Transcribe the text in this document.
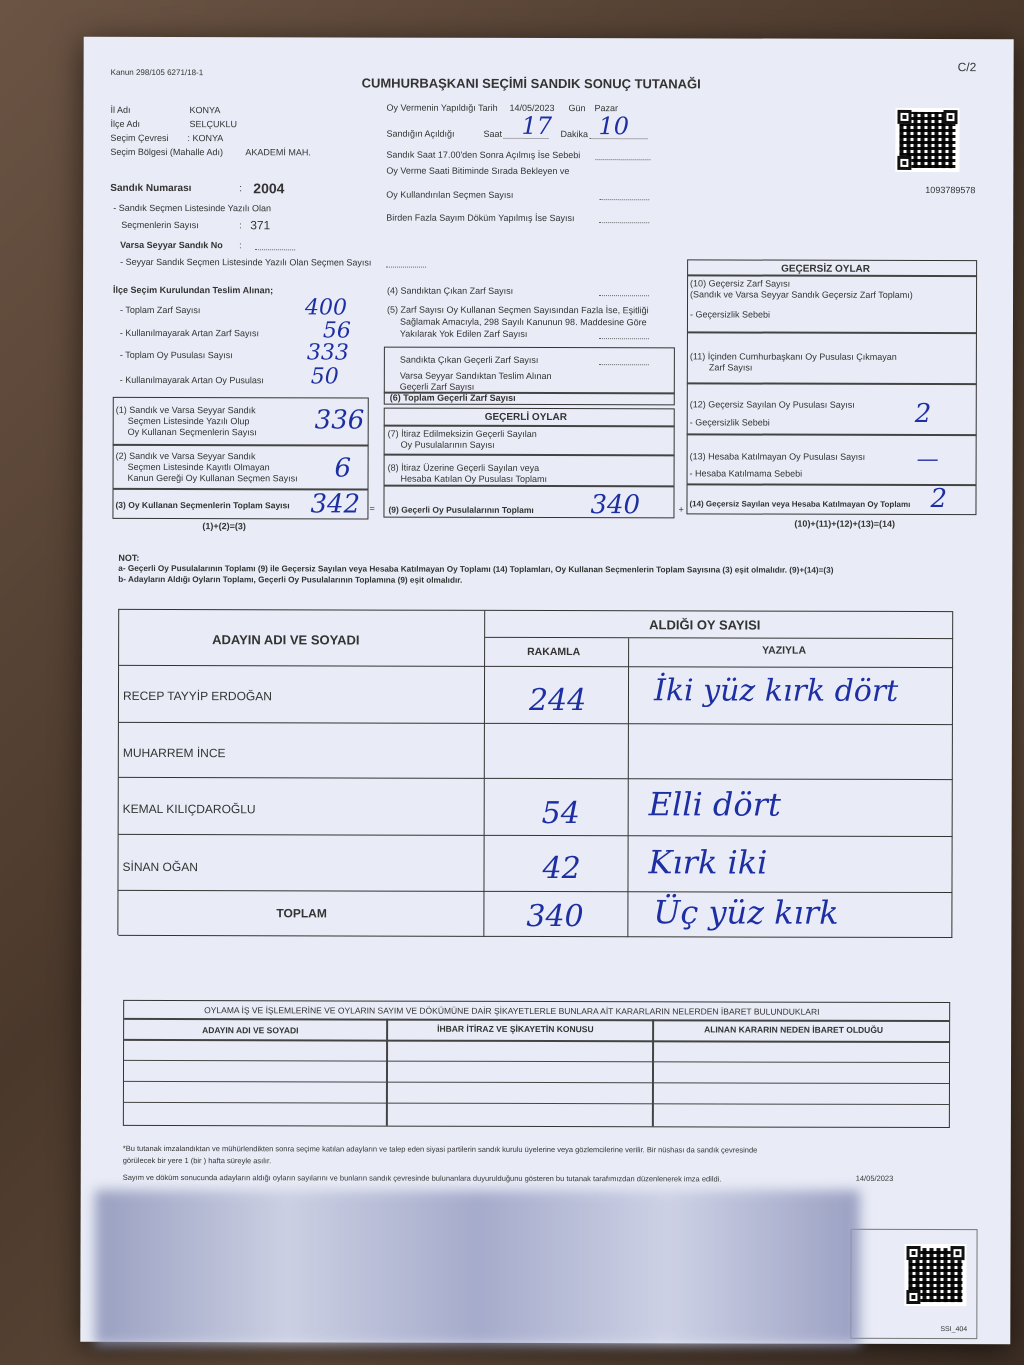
Kanun 298/105 6271/18-1
CUMHURBAŞKANI SEÇİMİ SANDIK SONUÇ TUTANAĞI
C/2
1093789578
İl Adı	KONYA
İlçe Adı	SELÇUKLU
Seçim Çevresi : KONYA
Seçim Bölgesi (Mahalle Adı) AKADEMİ MAH.
Oy Vermenin Yapıldığı Tarih 14/05/2023 Gün Pazar
Sandığın Açıldığı	Saat 17 Dakika 10
Sandık Saat 17.00'den Sonra Açılmış İse Sebebi
Oy Verme Saati Bitiminde Sırada Bekleyen ve
Oy Kullandırılan Seçmen Sayısı
Birden Fazla Sayım Döküm Yapılmış İse Sayısı
Sandık Numarası	: 2004
- Sandık Seçmen Listesinde Yazılı Olan
Seçmenlerin Sayısı	: 371
Varsa Seyyar Sandık No :
- Seyyar Sandık Seçmen Listesinde Yazılı Olan Seçmen Sayısı
İlçe Seçim Kurulundan Teslim Alınan;
- Toplam Zarf Sayısı	400
- Kullanılmayarak Artan Zarf Sayısı	56
- Toplam Oy Pusulası Sayısı	333
- Kullanılmayarak Artan Oy Pusulası 50
(1) Sandık ve Varsa Seyyar Sandık
Seçmen Listesinde Yazılı Olup
Oy Kullanan Seçmenlerin Sayısı 336
(2) Sandık ve Varsa Seyyar Sandık
Seçmen Listesinde Kayıtlı Olmayan
Kanun Gereği Oy Kullanan Seçmen Sayısı 6
(3) Oy Kullanan Seçmenlerin Toplam Sayısı 342 =
(1)+(2)=(3)
(4) Sandıktan Çıkan Zarf Sayısı
(5) Zarf Sayısı Oy Kullanan Seçmen Sayısından Fazla İse, Eşitliği
Sağlamak Amacıyla, 298 Sayılı Kanunun 98. Maddesine Göre
Yakılarak Yok Edilen Zarf Sayısı
Sandıkta Çıkan Geçerli Zarf Sayısı
Varsa Seyyar Sandıktan Teslim Alınan
Geçerli Zarf Sayısı
(6) Toplam Geçerli Zarf Sayısı
GEÇERLİ OYLAR
(7) İtiraz Edilmeksizin Geçerli Sayılan
Oy Pusulalarının Sayısı
(8) İtiraz Üzerine Geçerli Sayılan veya
Hesaba Katılan Oy Pusulası Toplamı
(9) Geçerli Oy Pusulalarının Toplamı 340	+
GEÇERSİZ OYLAR
(10) Geçersiz Zarf Sayısı
(Sandık ve Varsa Seyyar Sandık Geçersiz Zarf Toplamı)
- Geçersizlik Sebebi
(11) İçinden Cumhurbaşkanı Oy Pusulası Çıkmayan
Zarf Sayısı
(12) Geçersiz Sayılan Oy Pusulası Sayısı 2
- Geçersizlik Sebebi
(13) Hesaba Katılmayan Oy Pusulası Sayısı —
- Hesaba Katılmama Sebebi
(14) Geçersiz Sayılan veya Hesaba Katılmayan Oy Toplamı 2
(10)+(11)+(12)+(13)=(14)
NOT:
a- Geçerli Oy Pusulalarının Toplamı (9) ile Geçersiz Sayılan veya Hesaba Katılmayan Oy Toplamı (14) Toplamları, Oy Kullanan Seçmenlerin Toplam Sayısına (3) eşit olmalıdır. (9)+(14)=(3)
b- Adayların Aldığı Oyların Toplamı, Geçerli Oy Pusulalarının Toplamına (9) eşit olmalıdır.
ADAYIN ADI VE SOYADI
ALDIĞI OY SAYISI
RAKAMLA	YAZIYLA
RECEP TAYYİP ERDOĞAN	244 İki yüz kırk dört
MUHARREM İNCE
KEMAL KILIÇDAROĞLU	54 Elli dört
SİNAN OĞAN	42 Kırk iki
TOPLAM	340 Üç yüz kırk
OYLAMA İŞ VE İŞLEMLERİNE VE OYLARIN SAYIM VE DÖKÜMÜNE DAİR ŞİKAYETLERLE BUNLARA AİT KARARLARIN NELERDEN İBARET BULUNDUKLARI
ADAYIN ADI VE SOYADI	İHBAR İTİRAZ VE ŞİKAYETİN KONUSU	ALINAN KARARIN NEDEN İBARET OLDUĞU
*Bu tutanak imzalandıktan ve mühürlendikten sonra seçime katılan adayların ve talep eden siyasi partilerin sandık kurulu üyelerine veya gözlemcilerine verilir. Bir nüshası da sandık çevresinde
görülecek bir yere 1 (bir ) hafta süreyle asılır.
Sayım ve döküm sonucunda adayların aldığı oyların sayılarını ve bunların sandık çevresinde bulunanlara duyurulduğunu gösteren bu tutanak tarafımızdan düzenlenerek imza edildi.	14/05/2023
SSI_404
